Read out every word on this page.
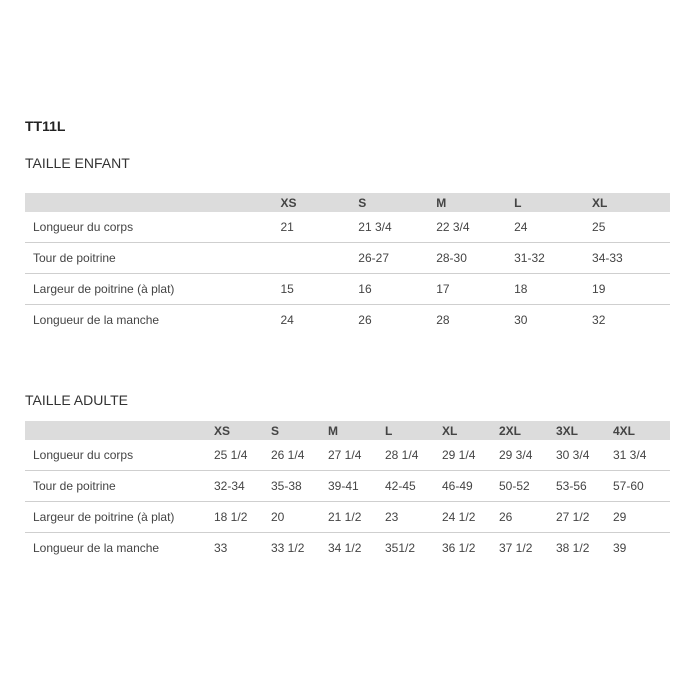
TT11L
TAILLE ENFANT
	XS	S	M	L	XL
Longueur du corps	21	21 3/4	22 3/4	24	25
Tour de poitrine		26-27	28-30	31-32	34-33
Largeur de poitrine (à plat)	15	16	17	18	19
Longueur de la manche	24	26	28	30	32
TAILLE ADULTE
	XS	S	M	L	XL	2XL	3XL	4XL
Longueur du corps	25 1/4	26 1/4	27 1/4	28 1/4	29 1/4	29 3/4	30 3/4	31 3/4
Tour de poitrine	32-34	35-38	39-41	42-45	46-49	50-52	53-56	57-60
Largeur de poitrine (à plat)	18 1/2	20	21 1/2	23	24 1/2	26	27 1/2	29
Longueur de la manche	33	33 1/2	34 1/2	351/2	36 1/2	37 1/2	38 1/2	39
